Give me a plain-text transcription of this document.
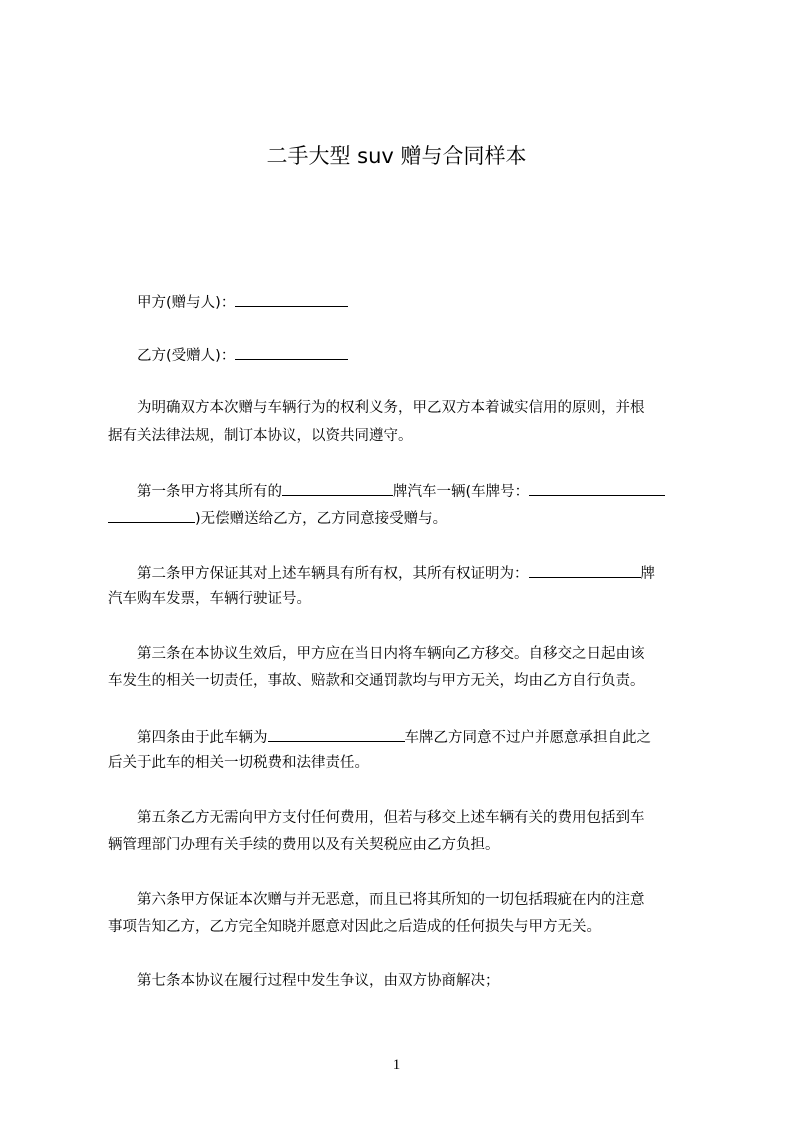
二手大型 suv 赠与合同样本
甲方(赠与人)：
乙方(受赠人)：
为明确双方本次赠与车辆行为的权利义务，甲乙双方本着诚实信用的原则，并根
据有关法律法规，制订本协议，以资共同遵守。
第一条甲方将其所有的	牌汽车一辆(车牌号：
)无偿赠送给乙方，乙方同意接受赠与。
第二条甲方保证其对上述车辆具有所有权，其所有权证明为：	牌
汽车购车发票，车辆行驶证号。
第三条在本协议生效后，甲方应在当日内将车辆向乙方移交。自移交之日起由该
车发生的相关一切责任，事故、赔款和交通罚款均与甲方无关，均由乙方自行负责。
第四条由于此车辆为	车牌乙方同意不过户并愿意承担自此之
后关于此车的相关一切税费和法律责任。
第五条乙方无需向甲方支付任何费用，但若与移交上述车辆有关的费用包括到车
辆管理部门办理有关手续的费用以及有关契税应由乙方负担。
第六条甲方保证本次赠与并无恶意，而且已将其所知的一切包括瑕疵在内的注意
事项告知乙方，乙方完全知晓并愿意对因此之后造成的任何损失与甲方无关。
第七条本协议在履行过程中发生争议，由双方协商解决；
1
